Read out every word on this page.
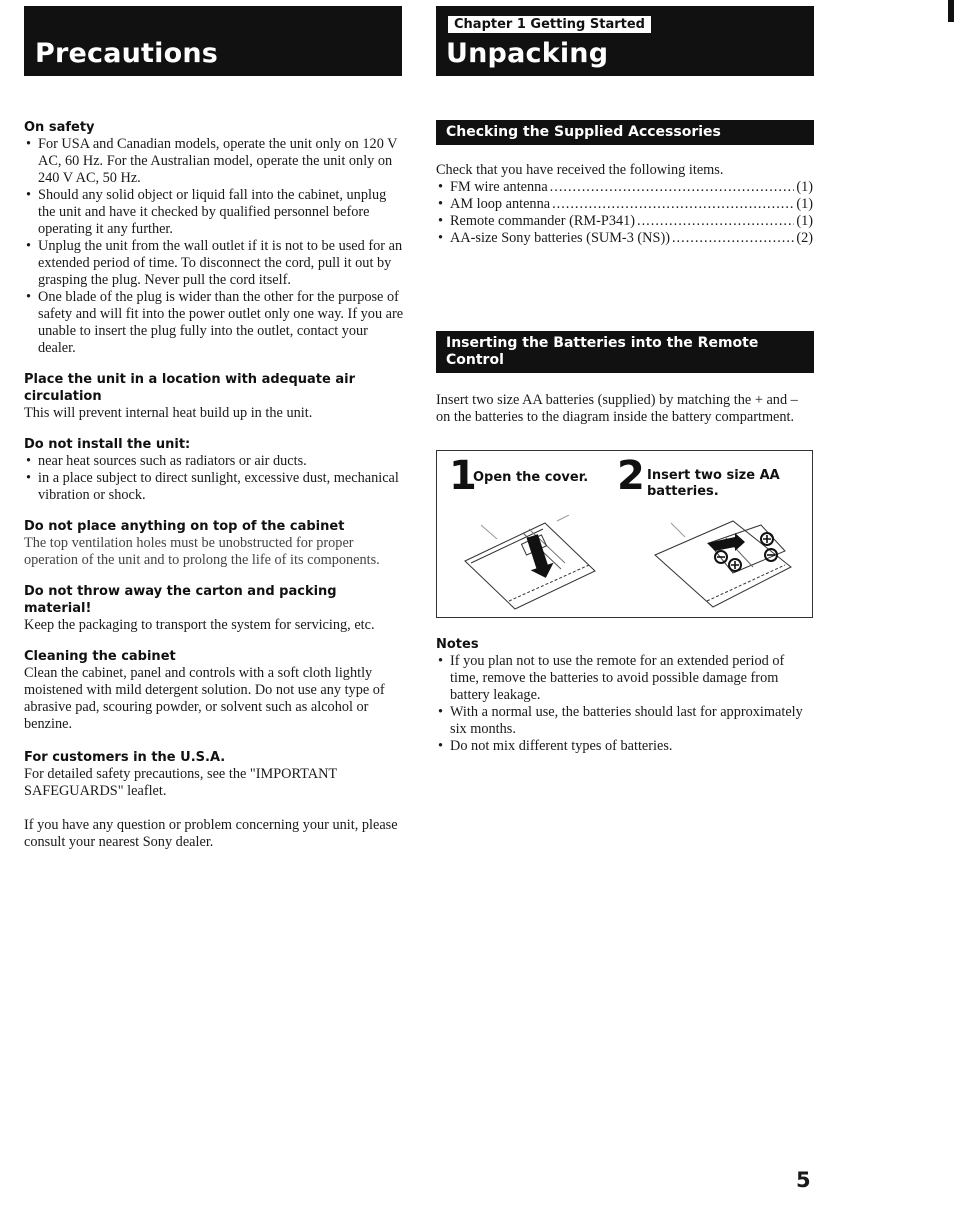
Precautions
Chapter 1 Getting Started
Unpacking
On safety
• For USA and Canadian models, operate the unit only on 120 V AC, 60 Hz. For the Australian model, operate the unit only on 240 V AC, 50 Hz.
• Should any solid object or liquid fall into the cabinet, unplug the unit and have it checked by qualified personnel before operating it any further.
• Unplug the unit from the wall outlet if it is not to be used for an extended period of time. To disconnect the cord, pull it out by grasping the plug. Never pull the cord itself.
• One blade of the plug is wider than the other for the purpose of safety and will fit into the power outlet only one way. If you are unable to insert the plug fully into the outlet, contact your dealer.
Place the unit in a location with adequate air circulation

This will prevent internal heat build up in the unit.

Do not install the unit:
• near heat sources such as radiators or air ducts.
• in a place subject to direct sunlight, excessive dust, mechanical vibration or shock.
Do not place anything on top of the cabinet

The top ventilation holes must be unobstructed for proper operation of the unit and to prolong the life of its components.

Do not throw away the carton and packing material!

Keep the packaging to transport the system for servicing, etc.

Cleaning the cabinet

Clean the cabinet, panel and controls with a soft cloth lightly moistened with mild detergent solution. Do not use any type of abrasive pad, scouring powder, or solvent such as alcohol or benzine.

For customers in the U.S.A.

For detailed safety precautions, see the "IMPORTANT SAFEGUARDS" leaflet.

If you have any question or problem concerning your unit, please consult your nearest Sony dealer.

Checking the Supplied Accessories

Check that you have received the following items.

• FM wire antenna .....	(1)
• AM loop antenna .....	(1)
• Remote commander (RM-P341) .....	(1)
• AA-size Sony batteries (SUM-3 (NS)) .....	(2)
Inserting the Batteries into the Remote Control

Insert two size AA batteries (supplied) by matching the + and – on the batteries to the diagram inside the battery compartment.

1
Open the cover. 2 Insert two size AA batteries.
Notes
• If you plan not to use the remote for an extended period of time, remove the batteries to avoid possible damage from battery leakage.
• With a normal use, the batteries should last for approximately six months.
• Do not mix different types of batteries.
5
